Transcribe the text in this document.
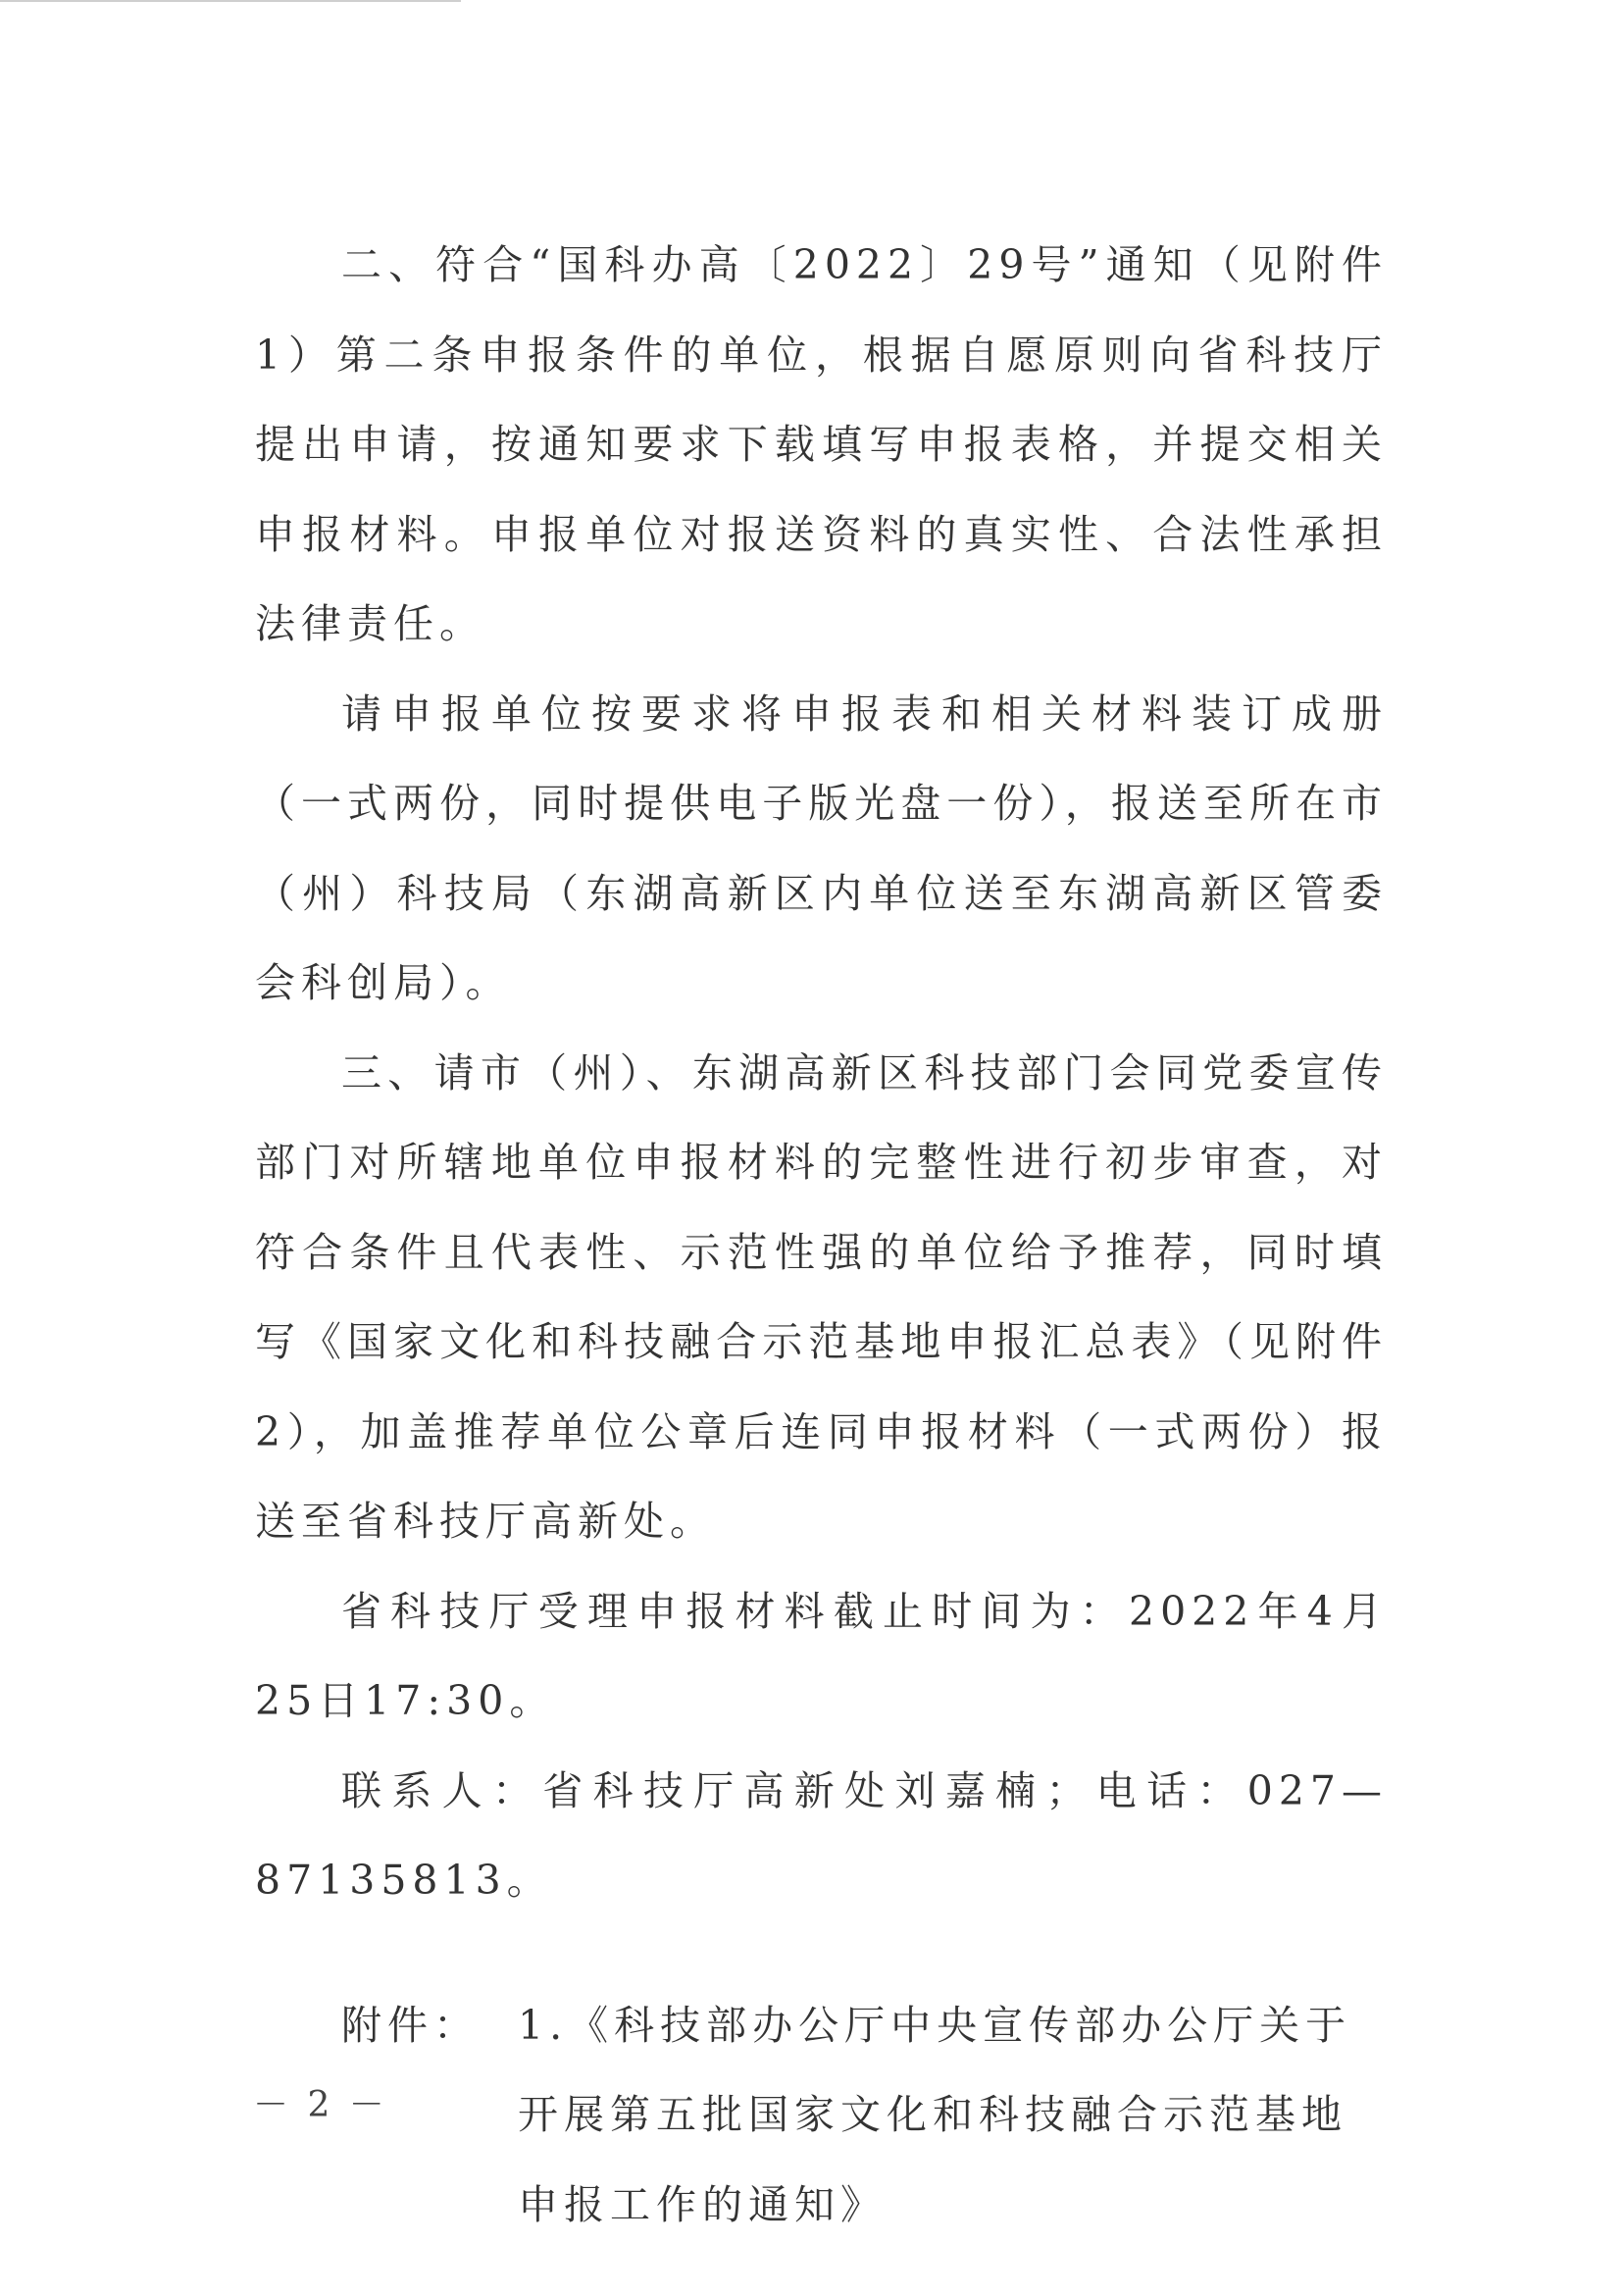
二、符合“国科办高〔2022〕29号”通知（见附件1）第二条申报条件的单位，根据自愿原则向省科技厅提出申请，按通知要求下载填写申报表格，并提交相关申报材料。申报单位对报送资料的真实性、合法性承担法律责任。

请申报单位按要求将申报表和相关材料装订成册（一式两份，同时提供电子版光盘一份），报送至所在市（州）科技局（东湖高新区内单位送至东湖高新区管委会科创局）。

三、请市（州）、东湖高新区科技部门会同党委宣传部门对所辖地单位申报材料的完整性进行初步审查，对符合条件且代表性、示范性强的单位给予推荐，同时填写《国家文化和科技融合示范基地申报汇总表》（见附件2），加盖推荐单位公章后连同申报材料（一式两份）报送至省科技厅高新处。

省科技厅受理申报材料截止时间为：2022年4月25日17:30。

联系人：省科技厅高新处刘嘉楠；电话：027—87135813。

附件： 1.《科技部办公厅中央宣传部办公厅关于开展第五批国家文化和科技融合示范基地申报工作的通知》
－ 2 －
